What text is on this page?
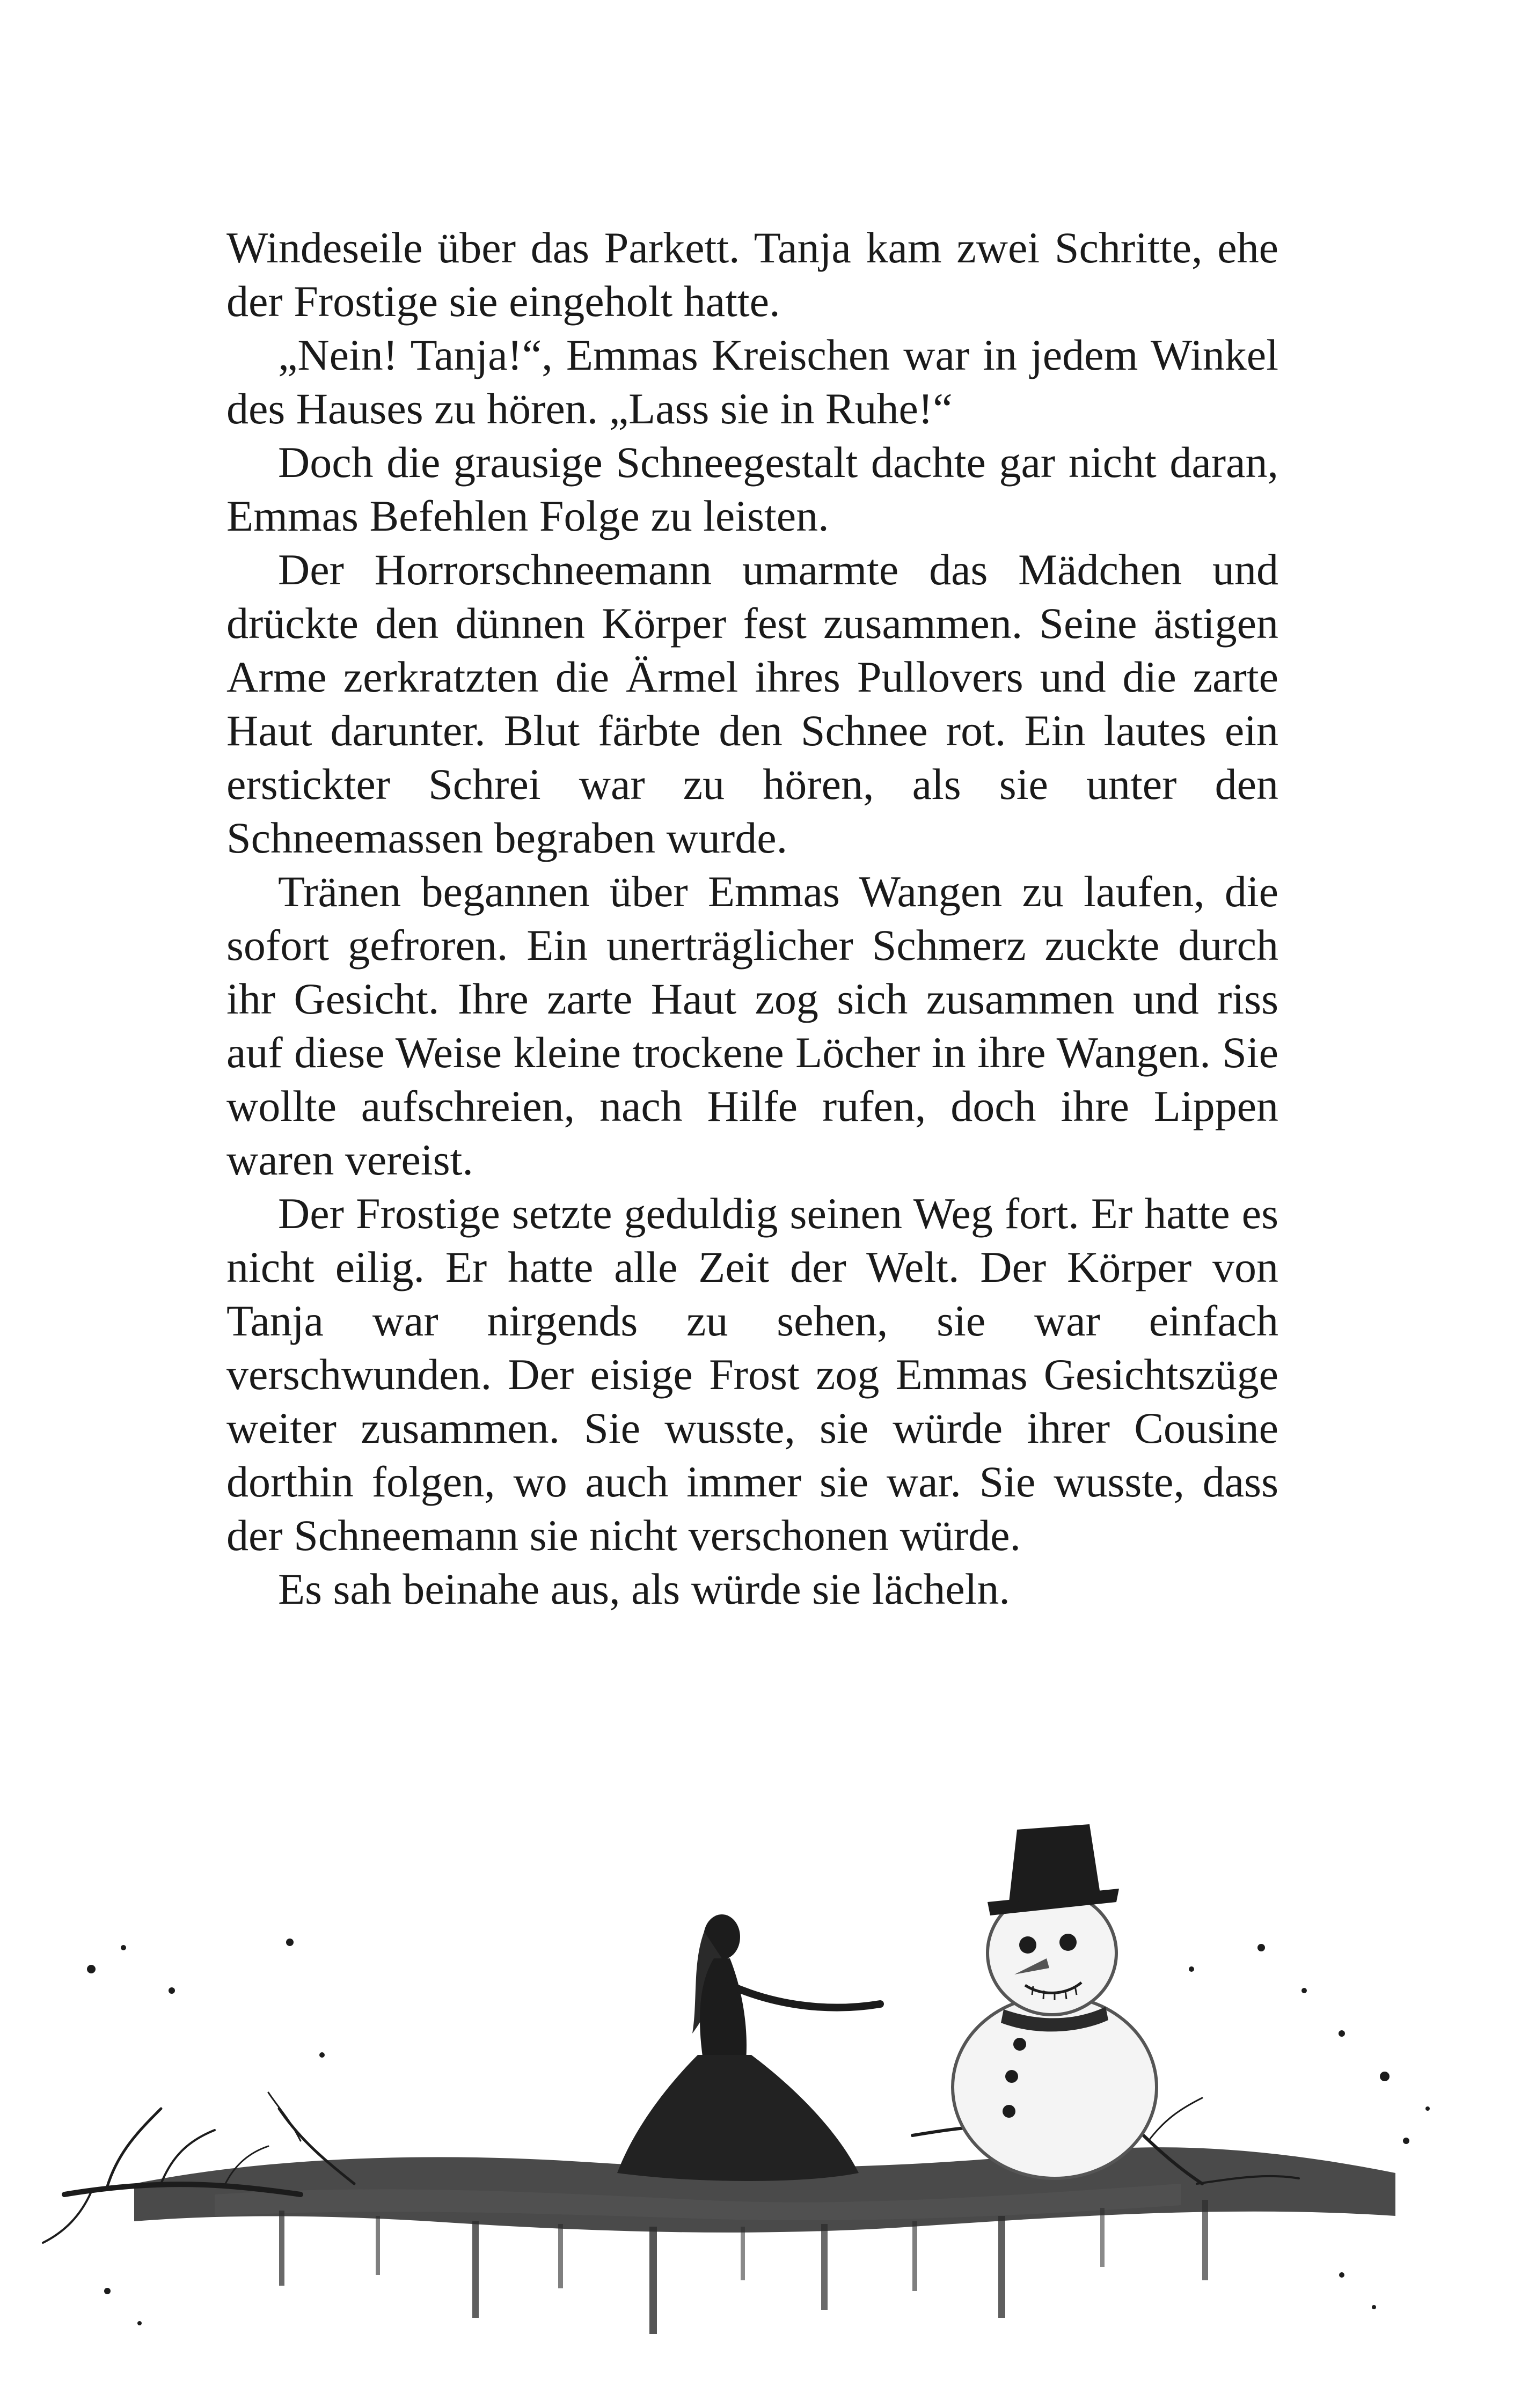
Windeseile über das Parkett. Tanja kam zwei Schritte, ehe der Frostige sie eingeholt hatte.

„Nein! Tanja!“, Emmas Kreischen war in jedem Winkel des Hauses zu hören. „Lass sie in Ruhe!“

Doch die grausige Schneegestalt dachte gar nicht daran, Emmas Befehlen Folge zu leisten.

Der Horrorschneemann umarmte das Mädchen und drückte den dünnen Körper fest zusammen. Seine ästigen Arme zerkratzten die Ärmel ihres Pullovers und die zarte Haut darunter. Blut färbte den Schnee rot. Ein lautes ein erstickter Schrei war zu hören, als sie unter den Schneemassen begraben wurde.

Tränen begannen über Emmas Wangen zu laufen, die sofort gefroren. Ein unerträglicher Schmerz zuckte durch ihr Gesicht. Ihre zarte Haut zog sich zusammen und riss auf diese Weise kleine trockene Löcher in ihre Wangen. Sie wollte aufschreien, nach Hilfe rufen, doch ihre Lippen waren vereist.

Der Frostige setzte geduldig seinen Weg fort. Er hatte es nicht eilig. Er hatte alle Zeit der Welt. Der Körper von Tanja war nirgends zu sehen, sie war einfach verschwunden. Der eisige Frost zog Emmas Gesichtszüge weiter zusammen. Sie wusste, sie würde ihrer Cousine dorthin folgen, wo auch immer sie war. Sie wusste, dass der Schneemann sie nicht verschonen würde.

Es sah beinahe aus, als würde sie lächeln.
